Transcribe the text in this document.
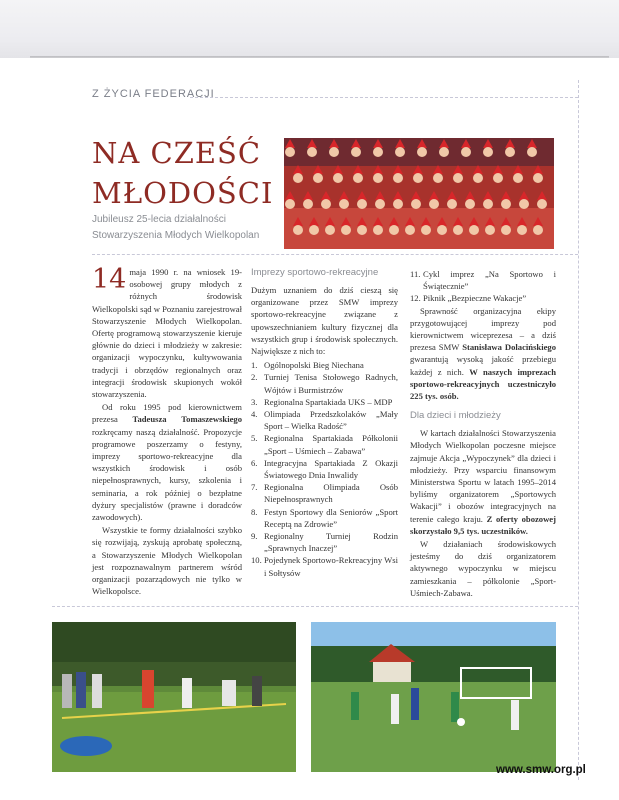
Z ŻYCIA FEDERACJI
NA CZEŚĆ
MŁODOŚCI
Jubileusz 25-lecia działalności Stowarzyszenia Młodych Wielkopolan

14 maja 1990 r. na wniosek 19-osobowej grupy młodych z różnych środowisk Wielkopolski sąd w Poznaniu zarejestrował Stowarzyszenie Młodych Wielkopolan. Ofertę programową stowarzyszenie kieruje głównie do dzieci i młodzieży w zakresie: organizacji wypoczynku, kultywowania tradycji i obrzędów regionalnych oraz integracji środowisk skupionych wokół stowarzyszenia.

Od roku 1995 pod kierownictwem prezesa Tadeusza Tomaszewskiego rozkręcamy naszą działalność. Propozycje programowe poszerzamy o festyny, imprezy sportowo-rekreacyjne dla wszystkich środowisk i osób niepełnosprawnych, kursy, szkolenia i seminaria, a rok później o bezpłatne dyżury specjalistów (prawne i doradców zawodowych).

Wszystkie te formy działalności szybko się rozwijają, zyskują aprobatę społeczną, a Stowarzyszenie Młodych Wielkopolan jest rozpoznawalnym partnerem wśród organizacji pozarządowych nie tylko w Wielkopolsce.

Imprezy sportowo-rekreacyjne

Dużym uznaniem do dziś cieszą się organizowane przez SMW imprezy sportowo-rekreacyjne związane z upowszechnianiem kultury fizycznej dla wszystkich grup i środowisk społecznych. Największe z nich to:

1. Ogólnopolski Bieg Niechana
2. Turniej Tenisa Stołowego Radnych, Wójtów i Burmistrzów
3. Regionalna Spartakiada UKS – MDP
4. Olimpiada Przedszkolaków „Mały Sport – Wielka Radość”
5. Regionalna Spartakiada Półkolonii „Sport – Uśmiech – Zabawa”
6. Integracyjna Spartakiada Z Okazji Światowego Dnia Inwalidy
7. Regionalna Olimpiada Osób Niepełnosprawnych
8. Festyn Sportowy dla Seniorów „Sport Receptą na Zdrowie”
9. Regionalny Turniej Rodzin „Sprawnych Inaczej”
10. Pojedynek Sportowo-Rekreacyjny Wsi i Sołtysów
11. Cykl imprez „Na Sportowo i Świątecznie”
12. Piknik „Bezpieczne Wakacje”

Sprawność organizacyjna ekipy przygotowującej imprezy pod kierownictwem wiceprezesa – a dziś prezesa SMW Stanisława Dolacińskiego gwarantują wysoką jakość przebiegu każdej z nich. W naszych imprezach sportowo-rekreacyjnych uczestniczyło 225 tys. osób.

Dla dzieci i młodzieży

W kartach działalności Stowarzyszenia Młodych Wielkopolan poczesne miejsce zajmuje Akcja „Wypoczynek” dla dzieci i młodzieży. Przy wsparciu finansowym Ministerstwa Sportu w latach 1995–2014 byliśmy organizatorem „Sportowych Wakacji” i obozów integracyjnych na terenie całego kraju. Z oferty obozowej skorzystało 9,5 tys. uczestników.

W działaniach środowiskowych jesteśmy do dziś organizatorem aktywnego wypoczynku w miejscu zamieszkania – półkolonie „Sport-Uśmiech-Zabawa.

www.smw.org.pl
